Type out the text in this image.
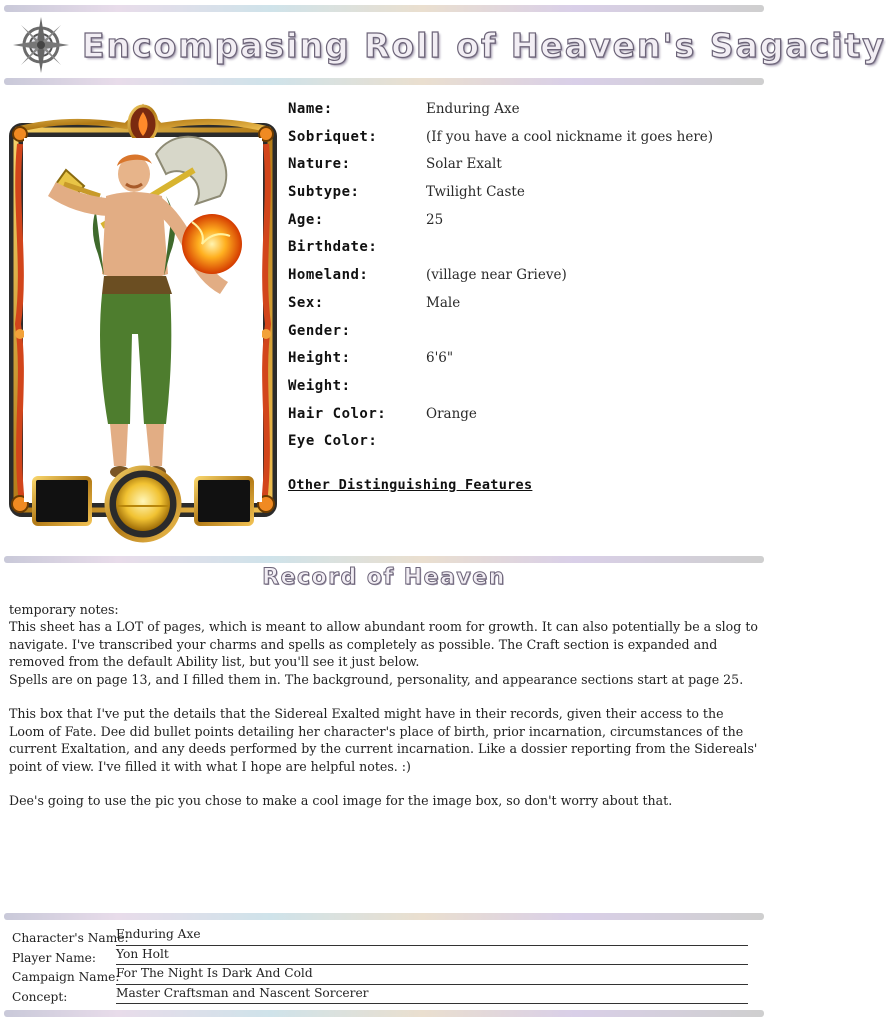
Encompasing Roll of Heaven's Sagacity
Name:	Enduring Axe
Sobriquet:	(If you have a cool nickname it goes here)
Nature:	Solar Exalt
Subtype:	Twilight Caste
Age:	25
Birthdate:
Homeland:	(village near Grieve)
Sex:	Male
Gender:
Height:	6'6"
Weight:
Hair Color:	Orange
Eye Color:
Other Distinguishing Features
Record of Heaven

temporary notes:

This sheet has a LOT of pages, which is meant to allow abundant room for growth. It can also potentially be a slog to navigate. I've transcribed your charms and spells as completely as possible. The Craft section is expanded and removed from the default Ability list, but you'll see it just below.

Spells are on page 13, and I filled them in. The background, personality, and appearance sections start at page 25.

This box that I've put the details that the Sidereal Exalted might have in their records, given their access to the Loom of Fate. Dee did bullet points detailing her character's place of birth, prior incarnation, circumstances of the current Exaltation, and any deeds performed by the current incarnation. Like a dossier reporting from the Sidereals' point of view. I've filled it with what I hope are helpful notes. :)

Dee's going to use the pic you chose to make a cool image for the image box, so don't worry about that.

Character's Name:
Enduring Axe
Player Name: Yon Holt
Campaign Name:
For The Night Is Dark And Cold
Concept:	Master Craftsman and Nascent Sorcerer
